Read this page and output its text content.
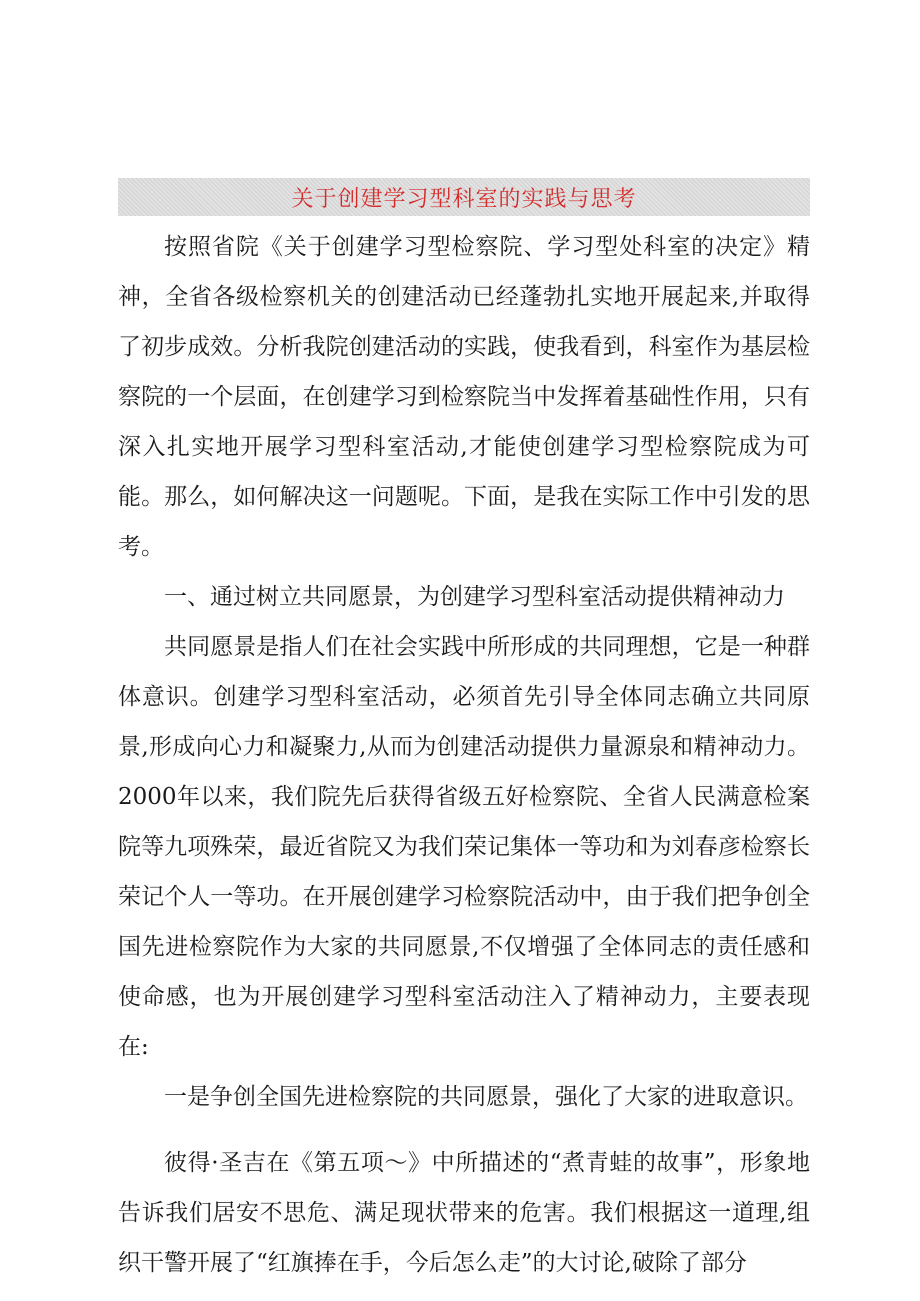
关于创建学习型科室的实践与思考

按照省院《关于创建学习型检察院、学习型处科室的决定》精神，全省各级检察机关的创建活动已经蓬勃扎实地开展起来,并取得了初步成效。分析我院创建活动的实践，使我看到，科室作为基层检察院的一个层面，在创建学习到检察院当中发挥着基础性作用，只有深入扎实地开展学习型科室活动,才能使创建学习型检察院成为可能。那么，如何解决这一问题呢。下面，是我在实际工作中引发的思考。

一、通过树立共同愿景，为创建学习型科室活动提供精神动力

共同愿景是指人们在社会实践中所形成的共同理想，它是一种群体意识。创建学习型科室活动，必须首先引导全体同志确立共同原景,形成向心力和凝聚力,从而为创建活动提供力量源泉和精神动力。2000年以来，我们院先后获得省级五好检察院、全省人民满意检案院等九项殊荣，最近省院又为我们荣记集体一等功和为刘春彦检察长荣记个人一等功。在开展创建学习检察院活动中，由于我们把争创全国先进检察院作为大家的共同愿景,不仅增强了全体同志的责任感和使命感，也为开展创建学习型科室活动注入了精神动力，主要表现在:

一是争创全国先进检察院的共同愿景，强化了大家的进取意识。

彼得·圣吉在《第五项～》中所描述的“煮青蛙的故事”，形象地告诉我们居安不思危、满足现状带来的危害。我们根据这一道理,组织干警开展了“红旗捧在手，今后怎么走”的大讨论,破除了部分
